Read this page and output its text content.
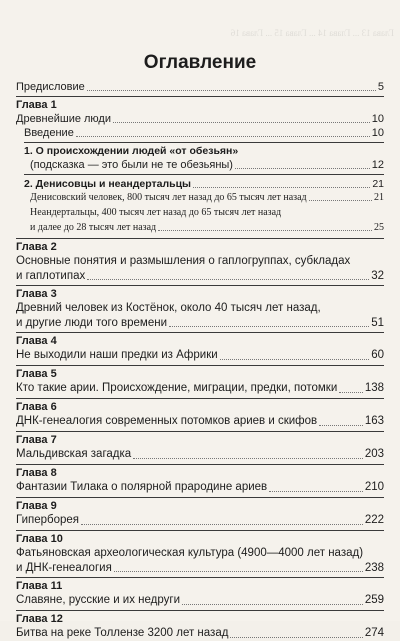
Глава 13 ... Глава 14 ... Глава 15 ... Глава 16
Оглавление
Предисловие	5
Глава 1
Древнейшие люди	10
Введение	10
1. О происхождении людей «от обезьян»
(подсказка — это были не те обезьяны)	12
2. Денисовцы и неандертальцы	21
Денисовский человек, 800 тысяч лет назад до 65 тысяч лет назад	21
Неандертальцы, 400 тысяч лет назад до 65 тысяч лет назад
и далее до 28 тысяч лет назад	25
Глава 2
Основные понятия и размышления о гаплогруппах, субкладах
и гаплотипах	32
Глава 3
Древний человек из Костёнок, около 40 тысяч лет назад,
и другие люди того времени	51
Глава 4
Не выходили наши предки из Африки	60
Глава 5
Кто такие арии. Происхождение, миграции, предки, потомки 138
Глава 6
ДНК-генеалогия современных потомков ариев и скифов	163
Глава 7
Мальдивская загадка	203
Глава 8
Фантазии Тилака о полярной прародине ариев	210
Глава 9
Гиперборея	222
Глава 10
Фатьяновская археологическая культура (4900—4000 лет назад)
и ДНК-генеалогия	238
Глава 11
Славяне, русские и их недруги	259
Глава 12
Битва на реке Толлензе 3200 лет назад	274
